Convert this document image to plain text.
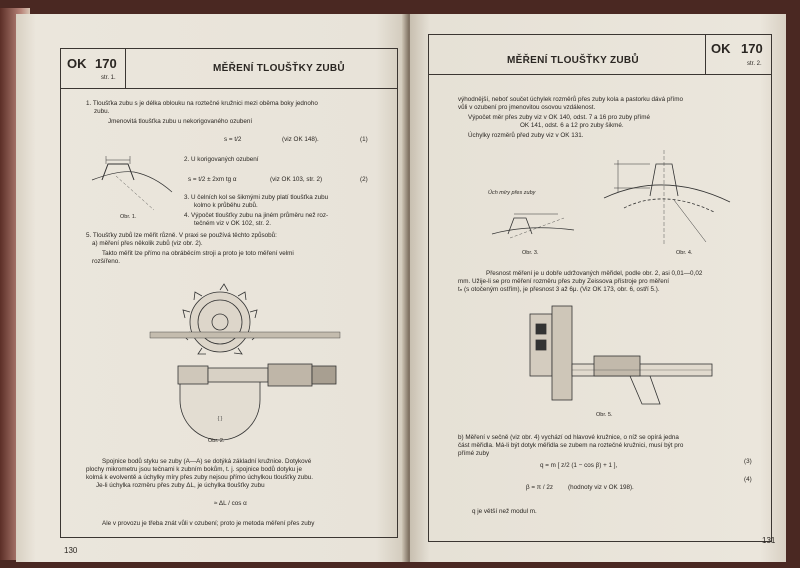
OK 170
str. 1.
MĚŘENÍ TLOUŠŤKY ZUBŮ
1. Tloušťka zubu s je délka oblouku na roztečné kružnici mezi oběma boky jednoho
zubu.
Jmenovitá tloušťka zubu u nekorigovaného ozubení
s = t/2	(viz OK 148).	(1)
2. U korigovaných ozubení
s = t/2 ± 2xm tg α	(viz OK 103, str. 2)	(2)
3. U čelních kol se šikmými zuby platí tloušťka zubu
kolmo k průběhu zubů.
4. Výpočet tloušťky zubu na jiném průměru než roz-
tečném viz v OK 102, str. 2.
Obr. 1.
5. Tloušťky zubů lze měřit různě. V praxi se používá těchto způsobů:
a) měření přes několik zubů (viz obr. 2).
Takto měřit lze přímo na obráběcím stroji a proto je toto měření velmi
rozšířeno.
{ }
Obr. 2.
Spojnice bodů styku se zuby (A—A) se dotýká základní kružnice. Dotykové
plochy mikrometru jsou tečnami k zubním bokům, t. j. spojnice bodů dotyku je
kolmá k evolventě a úchylky míry přes zuby nejsou přímo úchylkou tloušťky zubu.
Je-li úchylka rozměru přes zuby ΔL, je úchylka tloušťky zubu
≈ ΔL / cos α
Ale v provozu je třeba znát vůli v ozubení; proto je metoda měření přes zuby
130
MĚŘENÍ TLOUŠŤKY ZUBŮ
OK 170
str. 2.
výhodnější, neboť součet úchylek rozměrů přes zuby kola a pastorku dává přímo
vůli v ozubení pro jmenovitou osovou vzdálenost.
Výpočet měr přes zuby viz v OK 140, odst. 7 a 16 pro zuby přímé
OK 141, odst. 6 a 12 pro zuby šikmé.
Úchylky rozměrů před zuby viz v OK 131.
Úch míry přes zuby
Obr. 3.	Obr. 4.
Přesnost měření je u dobře udržovaných měřidel, podle obr. 2, asi 0,01—0,02
mm. Užije-li se pro měření rozměru přes zuby Zeissova přístroje pro měření
tₙ (s otočeným ostřím), je přesnost 3 až 6μ. (Viz OK 173, obr. 6, ostří 5.).
Obr. 5.
b) Měření v sečně (viz obr. 4) vychází od hlavové kružnice, o níž se opírá jedna
část měřidla. Má-li být dotyk měřidla se zubem na roztečné kružnici, musí být pro
přímé zuby
q = m [ z/2 (1 − cos β) + 1 ],
(3)
β = π / 2z (hodnoty viz v OK 198).
(4)
q je větší než modul m.
131
